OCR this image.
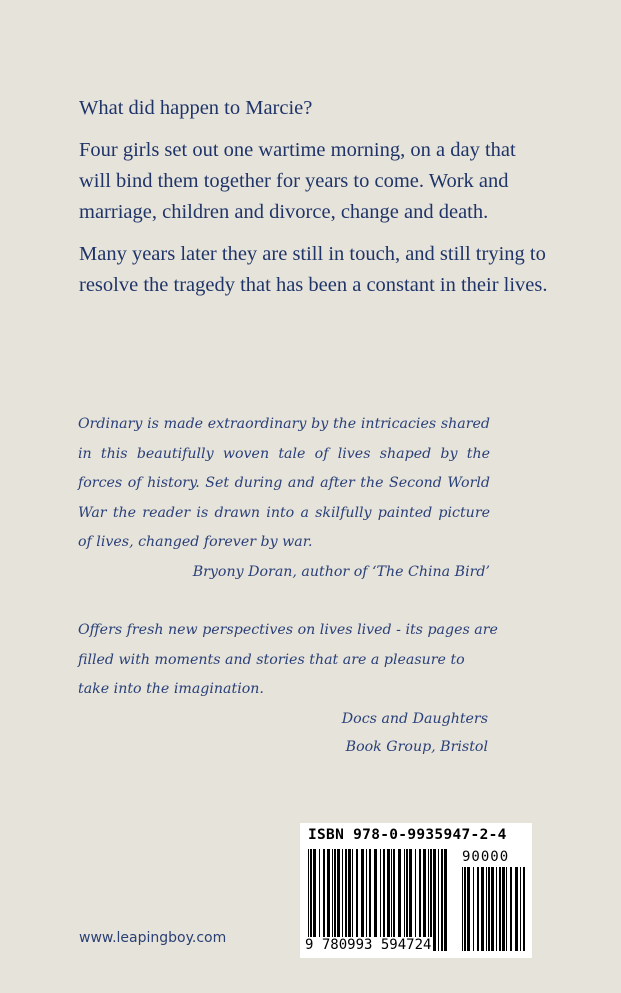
What did happen to Marcie?

Four girls set out one wartime morning, on a day that will bind them together for years to come. Work and marriage, children and divorce, change and death.

Many years later they are still in touch, and still trying to resolve the tragedy that has been a constant in their lives.

Ordinary is made extraordinary by the intricacies shared in this beautifully woven tale of lives shaped by the forces of history. Set during and after the Second World War the reader is drawn into a skilfully painted picture of lives, changed forever by war.

Bryony Doran, author of ‘The China Bird’

Offers fresh new perspectives on lives lived - its pages are filled with moments and stories that are a pleasure to take into the imagination.

Docs and Daughters
Book Group, Bristol
www.leapingboy.com
ISBN 978-0-9935947-2-4
90000
9 780993 594724
